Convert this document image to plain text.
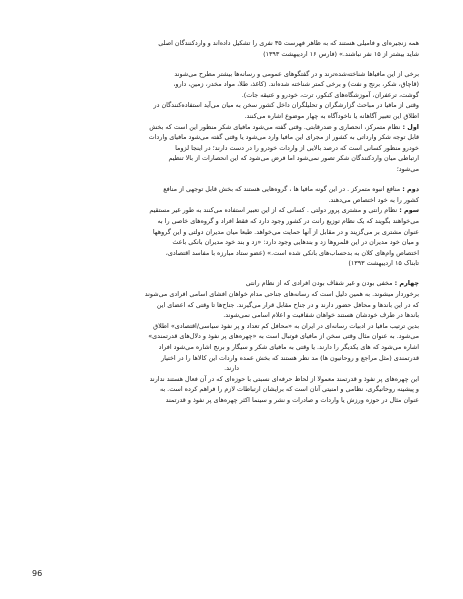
همه زنجیره‌ای و فامیلی هستند که به ظاهر فهرست ۳۵ نفری را تشکیل داده‌اند و واردکنندگان اصلی
شاید بیشتر از ۱۵ نفر نباشند.» (فارس ۱۶ اردیبهشت ۱۳۹۳)
برخی از این مافیاها شناخته‌شده‌ترند و در گفتگوهای عمومی و رسانه‌ها بیشتر مطرح می‌شوند
(قاچاق، شکر، برنج و نفت) و برخی کمتر شناخته شده‌اند. (کاغذ، طلا، مواد مخدر، زمین، دارو،
گوشت، ترعفران، آموزشگاه‌های کنکور، ترت، خودرو و عتیقه جات).
وقتی از مافیا در مباحث گزارشگران و تحلیلگران داخل کشور سخن به میان می‌آید استفاده‌کنندگان در
اطلاق این تعبیر آگاهانه یا ناخودآگاه به چهار موضوع اشاره می‌کنند.
اول : نظام متمرکز، انحصاری و ضدرقابتی. وقتی گفته می‌شود مافیای شکر منظور این است که بخش
قابل توجه شکر وارداتی به کشور از مجرای این مافیا وارد می‌شود یا وقتی گفته می‌شود مافیای واردات
خودرو منظور کسانی است که درصد بالایی از واردات خودرو را در دست دارند؛ در اینجا لزوما
ارتباطی میان واردکنندگان شکر تصور نمی‌شود اما فرض می‌شود که این انحصارات از بالا تنظیم
می‌شود؛
دوم : منافع انبوه متمرکز . در این گونه مافیا ها ، گروه‌هایی هستند که بخش قابل توجهی از منافع
کشور را به خود اختصاص می‌دهند.
سوم : نظام رانتی و مشتری پرور دولتی . کسانی که از این تعبیر استفاده می‌کنند به طور غیر مستقیم
می‌خواهند بگویند که یک نظام توزیع رانت در کشور وجود دارد که فقط افراد و گروه‌های خاصی را به
عنوان مشتری بر می‌گزیند و در مقابل از آنها حمایت می‌خواهد. طبعا میان مدیران دولتی و این گروهها
و میان خود مدیران در این قلمروها زد و بندهایی وجود دارد: «زد و بند خود مدیران بانکی باعث
اختصاص وام‌های کلان به بدحساب‌های بانکی شده است.» (عضو ستاد مبارزه با مفاسد اقتصادی،
تابناک ۱۵ اردیبهشت ۱۳۹۳)
چهارم : مخفی بودن و غیر شفاف بودن افرادی که از نظام رانتی
برخوردار میشوند. به همین دلیل است که رسانه‌های جناحی مدام خواهان افشای اسامی افرادی می‌شوند
که در این باندها و محافل حضور دارند و در جناح مقابل قرار می‌گیرند. جناح‌ها تا وقتی که اعضای این
باندها در طرف خودشان هستند خواهان شفافیت و اعلام اسامی نمی‌شوند.
بدین ترتیب مافیا در ادبیات رسانه‌ای در ایران به «محافل کم تعداد و پر نفوذ سیاسی/اقتصادی» اطلاق
می‌شود. به عنوان مثال وقتی سخن از مافیای فوتبال است به «چهره‌های پر نفوذ و دلال‌های قدرتمندی»
اشاره می‌شود که های یکدیگر را دارند. یا وقتی به مافیای شکر و سیگار و برنج اشاره می‌شود افراد
قدرتمندی (مثل مراجع و روحانیون ها) مد نظر هستند که بخش عمده واردات این کالاها را در اختیار
دارند.
این چهره‌های پر نفوذ و قدرتمند معمولا از لحاظ حرفه‌ای نسبتی با حوزه‌ای که در آن فعال هستند ندارند
و پیشینه روحانیگری، نظامی و امنیتی آنان است که برایشان ارتباطات لازم را فراهم کرده است. به
عنوان مثال در حوزه ورزش یا واردات و صادرات و نشر و سینما اکثر چهره‌های پر نفوذ و قدرتمند
96
